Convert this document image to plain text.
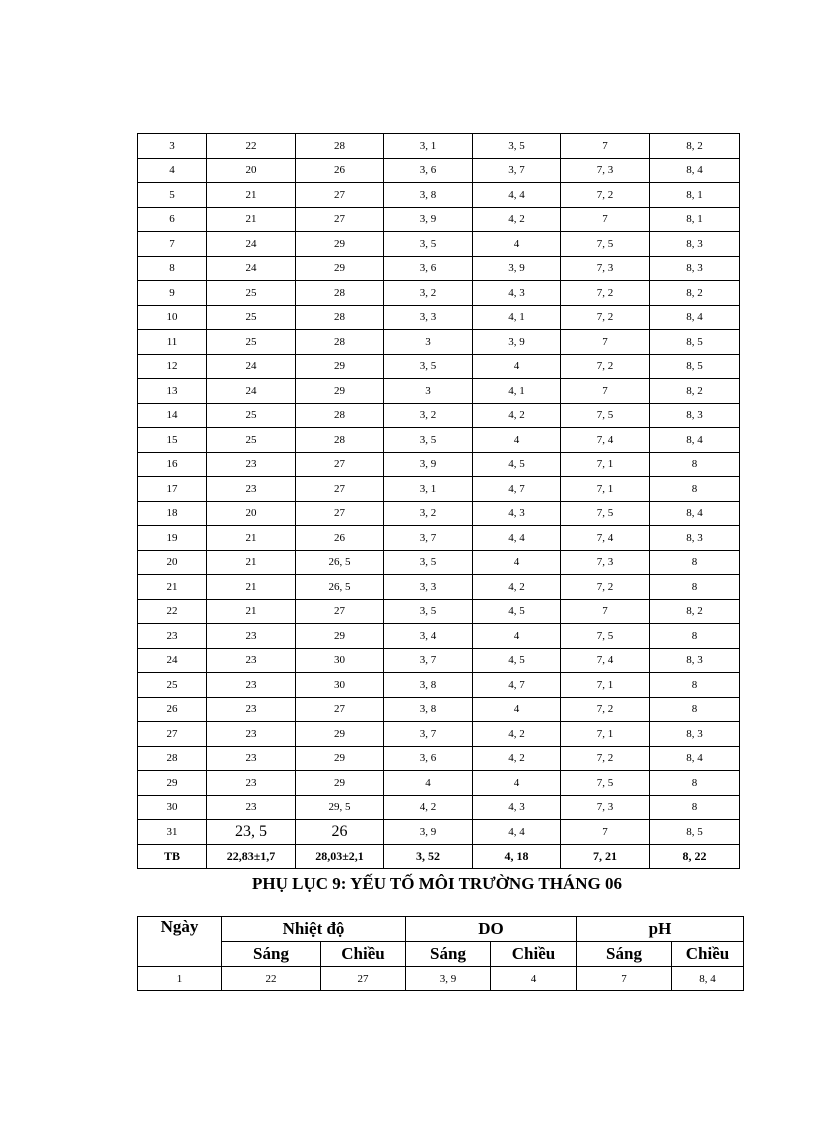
3	22	28	3, 1	3, 5	7	8, 2
4	20	26	3, 6	3, 7	7, 3	8, 4
5	21	27	3, 8	4, 4	7, 2	8, 1
6	21	27	3, 9	4, 2	7	8, 1
7	24	29	3, 5	4	7, 5	8, 3
8	24	29	3, 6	3, 9	7, 3	8, 3
9	25	28	3, 2	4, 3	7, 2	8, 2
10	25	28	3, 3	4, 1	7, 2	8, 4
11	25	28	3	3, 9	7	8, 5
12	24	29	3, 5	4	7, 2	8, 5
13	24	29	3	4, 1	7	8, 2
14	25	28	3, 2	4, 2	7, 5	8, 3
15	25	28	3, 5	4	7, 4	8, 4
16	23	27	3, 9	4, 5	7, 1	8
17	23	27	3, 1	4, 7	7, 1	8
18	20	27	3, 2	4, 3	7, 5	8, 4
19	21	26	3, 7	4, 4	7, 4	8, 3
20	21	26, 5	3, 5	4	7, 3	8
21	21	26, 5	3, 3	4, 2	7, 2	8
22	21	27	3, 5	4, 5	7	8, 2
23	23	29	3, 4	4	7, 5	8
24	23	30	3, 7	4, 5	7, 4	8, 3
25	23	30	3, 8	4, 7	7, 1	8
26	23	27	3, 8	4	7, 2	8
27	23	29	3, 7	4, 2	7, 1	8, 3
28	23	29	3, 6	4, 2	7, 2	8, 4
29	23	29	4	4	7, 5	8
30	23	29, 5	4, 2	4, 3	7, 3	8
31	23, 5	26	3, 9	4, 4	7	8, 5
TB	22,83±1,7	28,03±2,1	3, 52	4, 18	7, 21	8, 22
PHỤ LỤC 9: YẾU TỐ MÔI TRƯỜNG THÁNG 06
Ngày	Nhiệt độ		DO		pH	
	Sáng	Chiều	Sáng	Chiều	Sáng	Chiều
1	22	27	3, 9	4	7	8, 4
